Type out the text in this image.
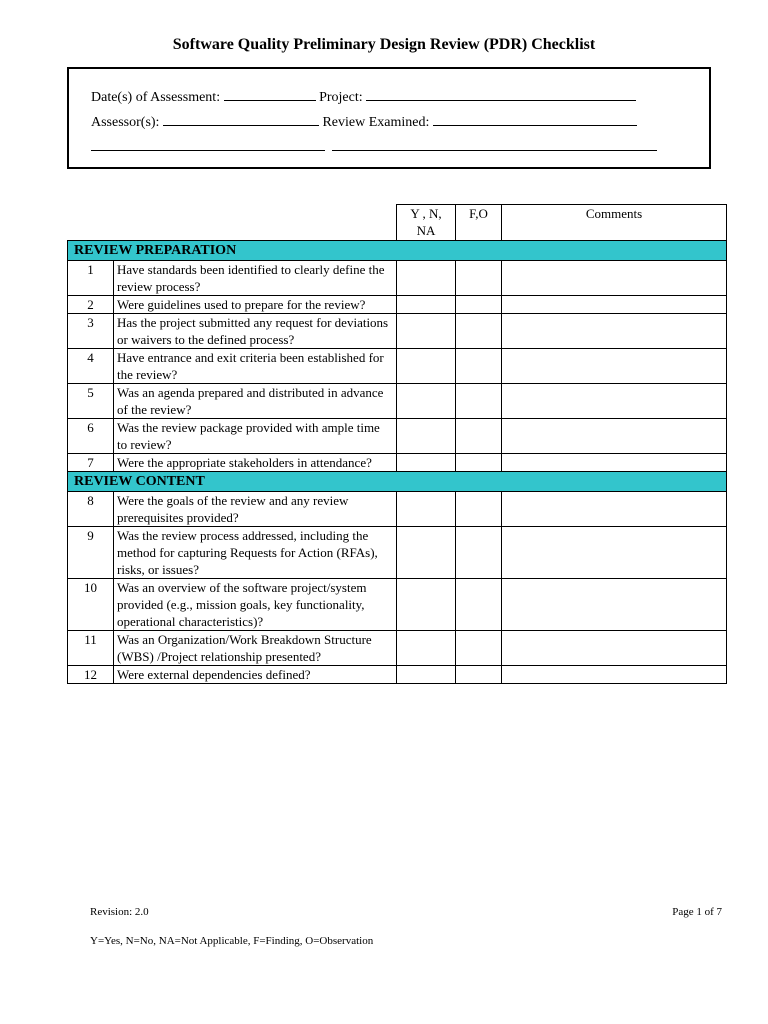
Software Quality Preliminary Design Review (PDR) Checklist
Date(s) of Assessment:	Project:
Assessor(s):	Review Examined:
		Y , N, NA	F,O	Comments
REVIEW PREPARATION				
1	Have standards been identified to clearly define the review process?			
2	Were guidelines used to prepare for the review?			
3	Has the project submitted any request for deviations or waivers to the defined process?			
4	Have entrance and exit criteria been established for the review?			
5	Was an agenda prepared and distributed in advance of the review?			
6	Was the review package provided with ample time to review?			
7	Were the appropriate stakeholders in attendance?			
REVIEW CONTENT				
8	Were the goals of the review and any review prerequisites provided?			
9	Was the review process addressed, including the method for capturing Requests for Action (RFAs), risks, or issues?			
10	Was an overview of the software project/system provided (e.g., mission goals, key functionality, operational characteristics)?			
11	Was an Organization/Work Breakdown Structure (WBS) /Project relationship presented?			
12	Were external dependencies defined?			
Revision: 2.0	Page 1 of 7
Y=Yes, N=No, NA=Not Applicable, F=Finding, O=Observation
